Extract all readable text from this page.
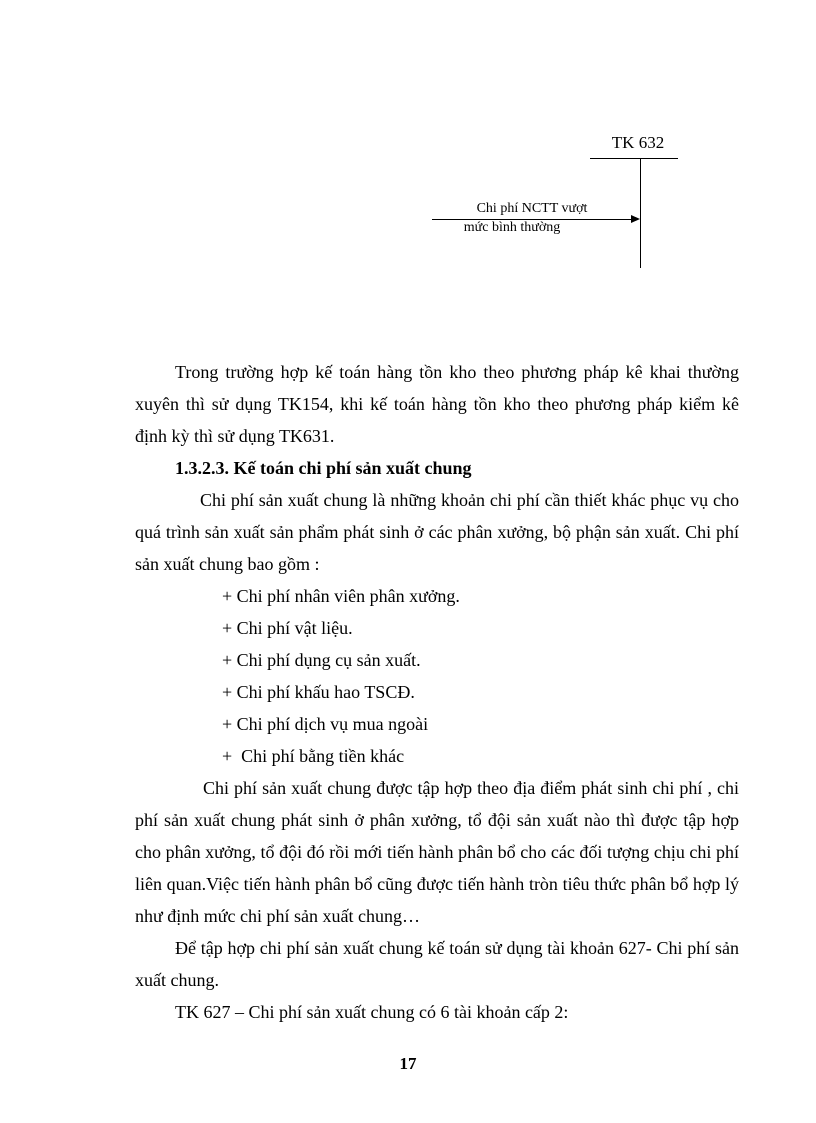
TK 632
Chi phí NCTT vượt
mức bình thường

Trong trường hợp kế toán hàng tồn kho theo phương pháp kê khai thường xuyên thì sử dụng TK154, khi kế toán hàng tồn kho theo phương pháp kiểm kê định kỳ thì sử dụng TK631.

1.3.2.3. Kế toán chi phí sản xuất chung

Chi phí sản xuất chung là những khoản chi phí cần thiết khác phục vụ cho quá trình sản xuất sản phẩm phát sinh ở các phân xưởng, bộ phận sản xuất. Chi phí sản xuất chung bao gồm :

+ Chi phí nhân viên phân xưởng.

+ Chi phí vật liệu.

+ Chi phí dụng cụ sản xuất.

+ Chi phí khấu hao TSCĐ.

+ Chi phí dịch vụ mua ngoài

+  Chi phí bằng tiền khác

Chi phí sản xuất chung được tập hợp theo địa điểm phát sinh chi phí , chi phí sản xuất chung phát sinh ở phân xưởng, tổ đội sản xuất nào thì được tập hợp cho phân xưởng, tổ đội đó rồi mới tiến hành phân bổ cho các đối tượng chịu chi phí liên quan.Việc tiến hành phân bổ cũng được tiến hành tròn tiêu thức phân bổ hợp lý như định mức chi phí sản xuất chung…

Để tập hợp chi phí sản xuất chung kế toán sử dụng tài khoản 627- Chi phí sản xuất chung.

TK 627 – Chi phí sản xuất chung có 6 tài khoản cấp 2:

17
